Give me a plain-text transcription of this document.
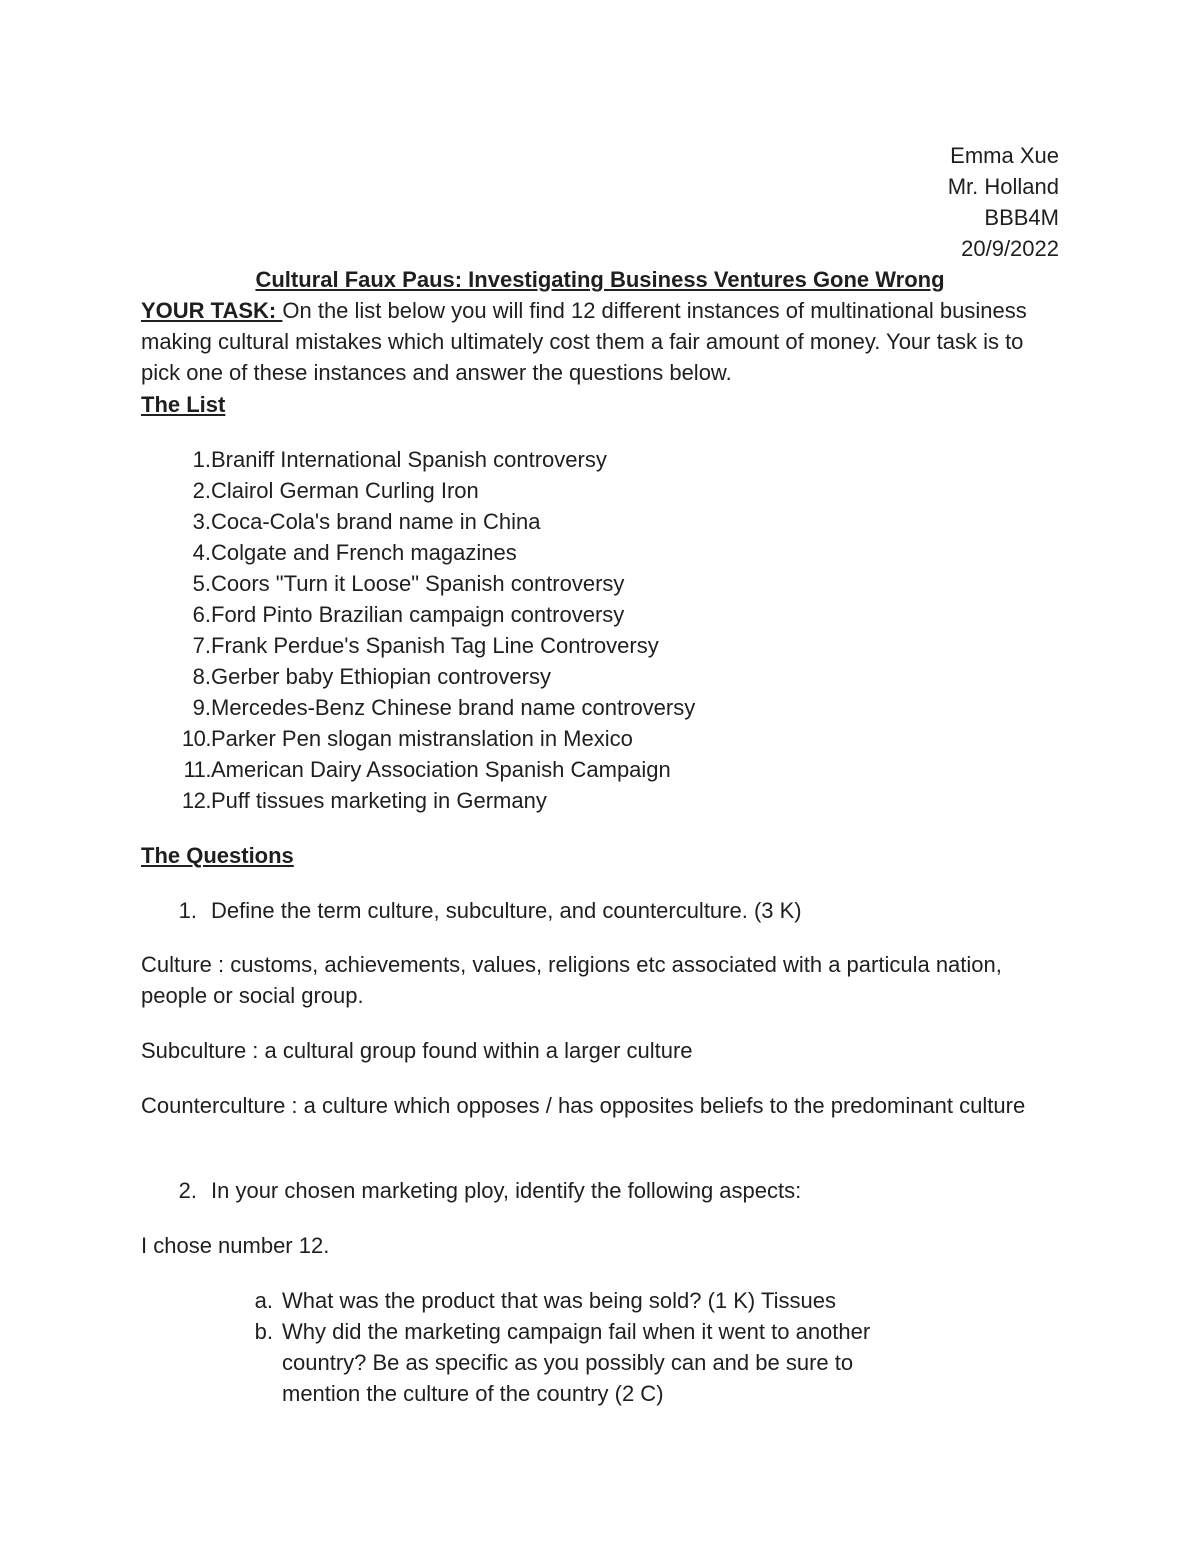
Emma Xue
Mr. Holland
BBB4M
20/9/2022
Cultural Faux Paus: Investigating Business Ventures Gone Wrong
YOUR TASK: On the list below you will find 12 different instances of multinational business making cultural mistakes which ultimately cost them a fair amount of money. Your task is to pick one of these instances and answer the questions below.
The List
1. Braniff International Spanish controversy
2. Clairol German Curling Iron
3. Coca-Cola's brand name in China
4. Colgate and French magazines
5. Coors "Turn it Loose" Spanish controversy
6. Ford Pinto Brazilian campaign controversy
7. Frank Perdue's Spanish Tag Line Controversy
8. Gerber baby Ethiopian controversy
9. Mercedes-Benz Chinese brand name controversy
10. Parker Pen slogan mistranslation in Mexico
11. American Dairy Association Spanish Campaign
12. Puff tissues marketing in Germany
The Questions
1. Define the term culture, subculture, and counterculture. (3 K)
Culture : customs, achievements, values, religions etc associated with a particula nation, people or social group.
Subculture : a cultural group found within a larger culture
Counterculture : a culture which opposes / has opposites beliefs to the predominant culture
2. In your chosen marketing ploy, identify the following aspects:
I chose number 12.
a. What was the product that was being sold? (1 K) Tissues
b. Why did the marketing campaign fail when it went to another country? Be as specific as you possibly can and be sure to mention the culture of the country (2 C)
